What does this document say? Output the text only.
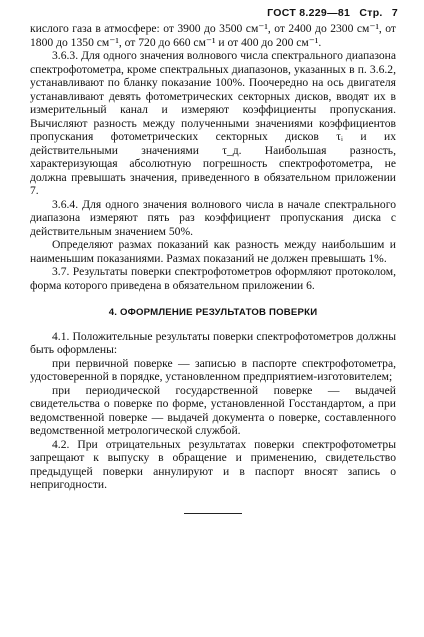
ГОСТ 8.229—81 Стр. 7

кислого газа в атмосфере: от 3900 до 3500 см⁻¹, от 2400 до 2300 см⁻¹, от 1800 до 1350 см⁻¹, от 720 до 660 см⁻¹ и от 400 до 200 см⁻¹.

3.6.3. Для одного значения волнового числа спектрального диапазона спектрофотометра, кроме спектральных диапазонов, указанных в п. 3.6.2, устанавливают по бланку показание 100%. Поочередно на ось двигателя устанавливают девять фотометрических секторных дисков, вводят их в измерительный канал и измеряют коэффициенты пропускания. Вычисляют разность между полученными значениями коэффициентов пропускания фотометрических секторных дисков τᵢ и их действительными значениями τ_д. Наибольшая разность, характеризующая абсолютную погрешность спектрофотометра, не должна превышать значения, приведенного в обязательном приложении 7.

3.6.4. Для одного значения волнового числа в начале спектрального диапазона измеряют пять раз коэффициент пропускания диска с действительным значением 50%.

Определяют размах показаний как разность между наибольшим и наименьшим показаниями. Размах показаний не должен превышать 1%.

3.7. Результаты поверки спектрофотометров оформляют протоколом, форма которого приведена в обязательном приложении 6.

4. ОФОРМЛЕНИЕ РЕЗУЛЬТАТОВ ПОВЕРКИ

4.1. Положительные результаты поверки спектрофотометров должны быть оформлены:

при первичной поверке — записью в паспорте спектрофотометра, удостоверенной в порядке, установленном предприятием-изготовителем;

при периодической государственной поверке — выдачей свидетельства о поверке по форме, установленной Госстандартом, а при ведомственной поверке — выдачей документа о поверке, составленного ведомственной метрологической службой.

4.2. При отрицательных результатах поверки спектрофотометры запрещают к выпуску в обращение и применению, свидетельство предыдущей поверки аннулируют и в паспорт вносят запись о непригодности.
